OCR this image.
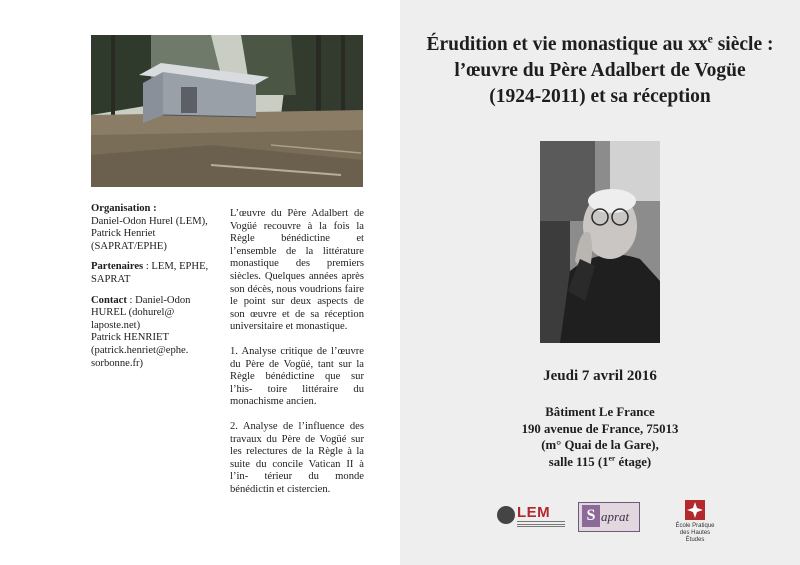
Organisation :
Daniel-Odon Hurel (LEM), Patrick Henriet (SAPRAT/EPHE)
Partenaires : LEM, EPHE, SAPRAT
Contact : Daniel-Odon HUREL (dohurel@ laposte.net)
Patrick HENRIET (patrick.henriet@ephe. sorbonne.fr)

L’œuvre du Père Adalbert de Vogüé recouvre à la fois la Règle bénédictine et l’ensemble de la littérature monastique des premiers siècles. Quelques années après son décès, nous voudrions faire le point sur deux aspects de son œuvre et de sa réception universitaire et monastique.

1. Analyse critique de l’œuvre du Père de Vogüé, tant sur la Règle bénédictine que sur l’his- toire littéraire du monachisme ancien.

2. Analyse de l’influence des travaux du Père de Vogüé sur les relectures de la Règle à la suite du concile Vatican II à l’in- térieur du monde bénédictin et cistercien.

Érudition et vie monastique au $xx^e$ siècle :
l’œuvre du Père Adalbert de Vogüe
(1924-2011) et sa réception
Jeudi 7 avril 2016
Bâtiment Le France
190 avenue de France, 75013
(m° Quai de la Gare),
salle 115 (1er étage)
LEM S aprat
École Pratique des Hautes Études
